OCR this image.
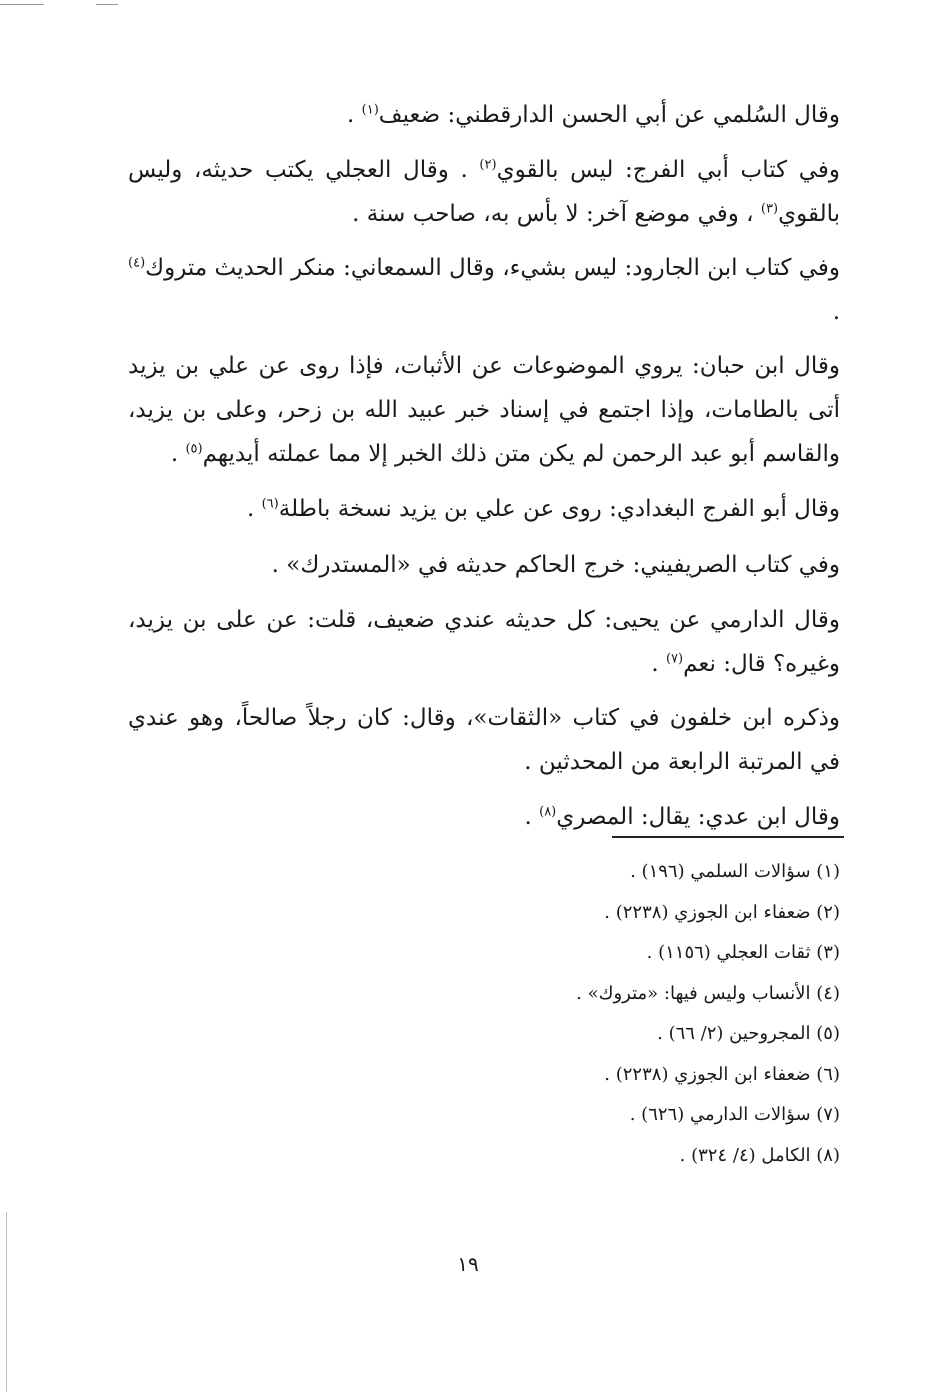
وقال السُلمي عن أبي الحسن الدارقطني: ضعيف$^{(١)}$ .

وفي كتاب أبي الفرج: ليس بالقوي$^{(٢)}$ . وقال العجلي يكتب حديثه، وليس بالقوي$^{(٣)}$ ، وفي موضع آخر: لا بأس به، صاحب سنة .

وفي كتاب ابن الجارود: ليس بشيء، وقال السمعاني: منكر الحديث متروك$^{(٤)}$ .

وقال ابن حبان: يروي الموضوعات عن الأثبات، فإذا روى عن علي بن يزيد أتى بالطامات، وإذا اجتمع في إسناد خبر عبيد الله بن زحر، وعلى بن يزيد، والقاسم أبو عبد الرحمن لم يكن متن ذلك الخبر إلا مما عملته أيديهم$^{(٥)}$ .

وقال أبو الفرج البغدادي: روى عن علي بن يزيد نسخة باطلة$^{(٦)}$ .

وفي كتاب الصريفيني: خرج الحاكم حديثه في «المستدرك» .

وقال الدارمي عن يحيى: كل حديثه عندي ضعيف، قلت: عن على بن يزيد، وغيره؟ قال: نعم$^{(٧)}$ .

وذكره ابن خلفون في كتاب «الثقات»، وقال: كان رجلاً صالحاً، وهو عندي في المرتبة الرابعة من المحدثين .

وقال ابن عدي: يقال: المصري$^{(٨)}$ .

(١) سؤالات السلمي (١٩٦) .

(٢) ضعفاء ابن الجوزي (٢٢٣٨) .

(٣) ثقات العجلي (١١٥٦) .

(٤) الأنساب وليس فيها: «متروك» .

(٥) المجروحين (٢/ ٦٦) .

(٦) ضعفاء ابن الجوزي (٢٢٣٨) .

(٧) سؤالات الدارمي (٦٢٦) .

(٨) الكامل (٤/ ٣٢٤) .

١٩
